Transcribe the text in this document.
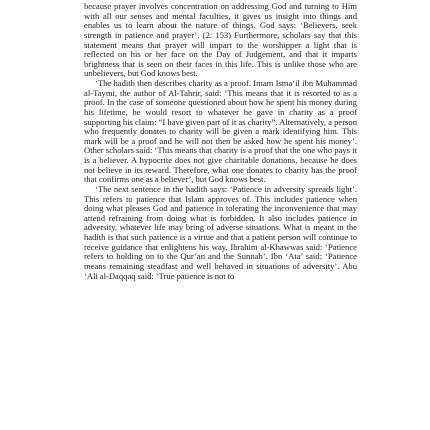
because prayer involves concentration on addressing God and turning to Him with all our senses and mental faculties, it gives us insight into things and enables us to learn about the nature of things. God says: ‘Believers, seek strength in patience and prayer’. (2: 153) Furthermore, scholars say that this statement means that prayer will impart to the worshipper a light that is reflected on his or her face on the Day of Judgement, and that it imparts brightness that is seen on their faces in this life. This is unlike those who are unbelievers, but God knows best.

‘The hadith then describes charity as a proof. Imam Isma‘il ibn Muhammad al-Taymi, the author of Al-Tahrir, said: ‘This means that it is resorted to as a proof. In the case of someone questioned about how he spent his money during his lifetime, he would resort to whatever he gave in charity as a proof supporting his claim: “I have given part of it as charity”. Alternatively, a person who frequently donates to charity will be given a mark identifying him. This mark will be a proof and he will not then be asked how he spent his money’. Other scholars said: ‘This means that charity is a proof that the one who pays it is a believer. A hypocrite does not give charitable donations, because he does not believe in its reward. Therefore, what one donates to charity has the proof that confirms one as a believer’, but God knows best.

‘The next sentence in the hadith says: ‘Patience in adversity spreads light’. This refers to patience that Islam approves of. This includes patience when doing what pleases God and patience in tolerating the inconvenience that may attend refraining from doing what is forbidden. It also includes patience in adversity, whatever life may bring of adverse situations. What is meant in the hadith is that such patience is a virtue and that a patient person will continue to receive guidance that enlightens his way. Ibrahim al-Khawwas said: ‘Patience refers to holding on to the Qur’an and the Sunnah’. Ibn ‘Ata’ said: ‘Patience means remaining steadfast and well behaved in situations of adversity’. Abu ‘Ali al-Daqqaq said: ‘True patience is not to
